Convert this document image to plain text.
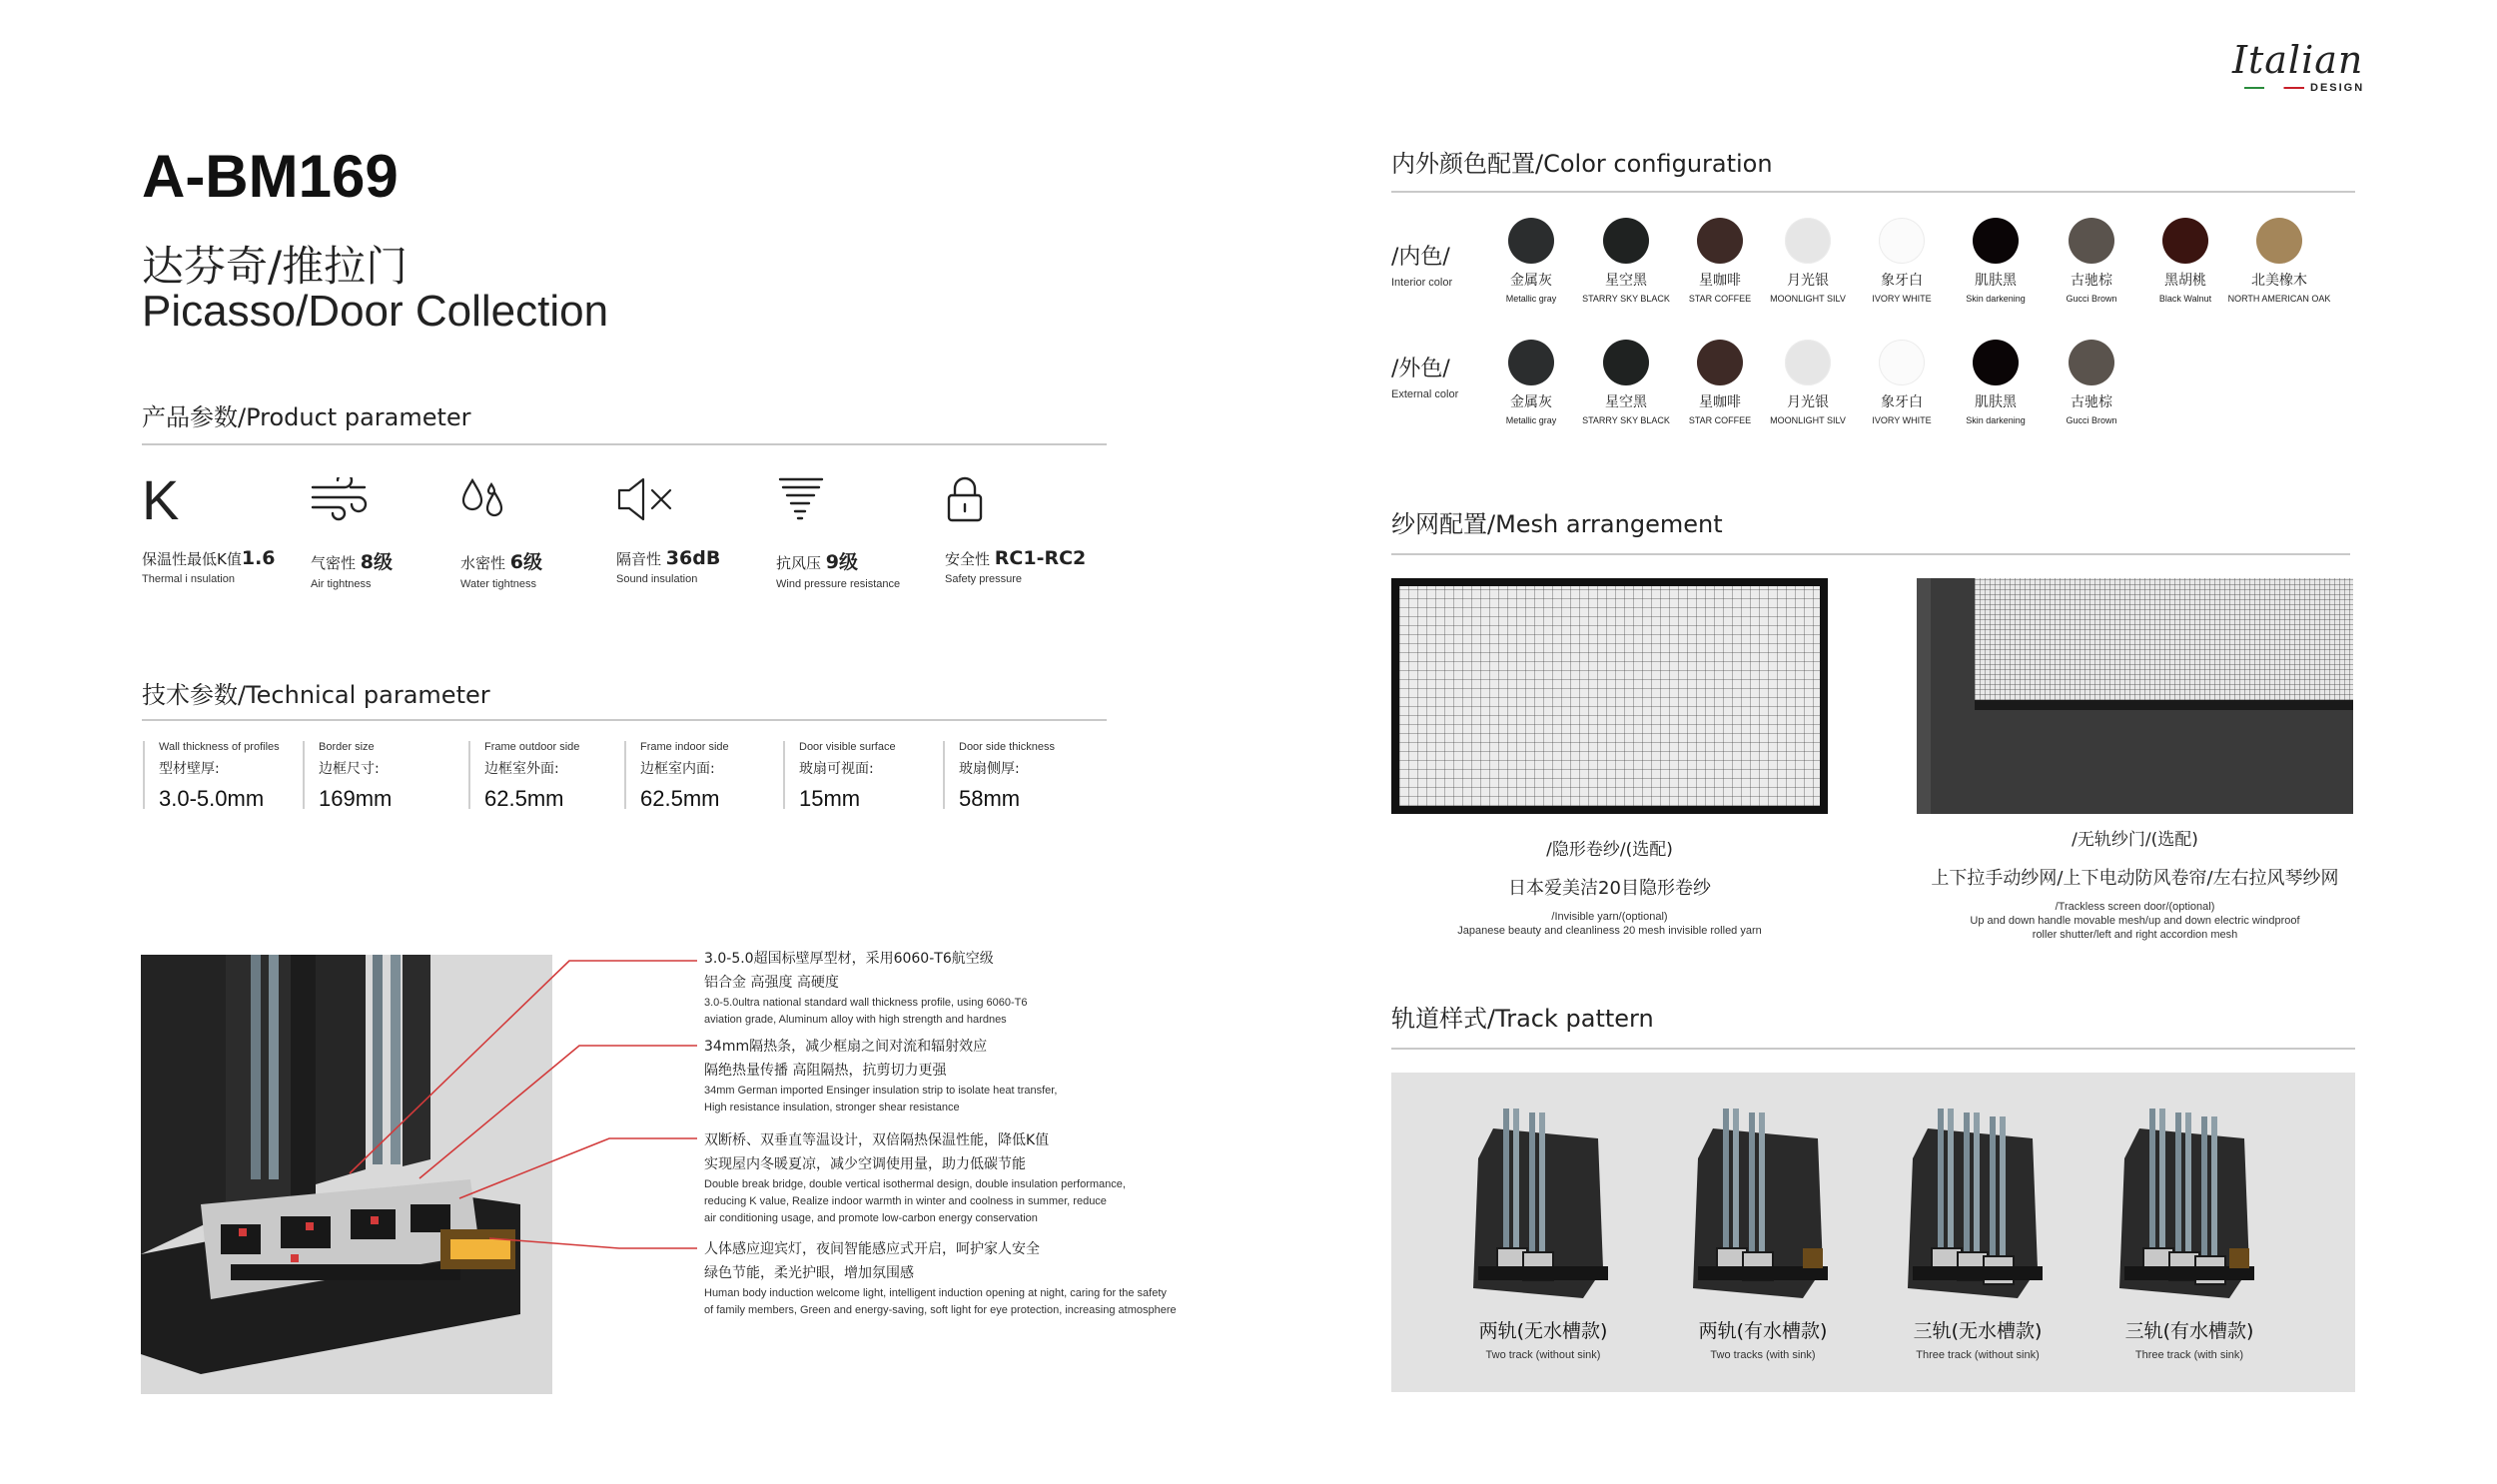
Italian
DESIGN
A-BM169
达芬奇/推拉门
Picasso/Door Collection
产品参数/Product parameter
K
保温性最低K值1.6
Thermal i nsulation
气密性 8级
Air tightness
水密性 6级
Water tightness
隔音性 36dB
Sound insulation
抗风压 9级
Wind pressure resistance
安全性 RC1-RC2
Safety pressure
技术参数/Technical parameter
Wall thickness of profiles
型材壁厚:
3.0-5.0mm
Border size
边框尺寸:
169mm
Frame outdoor side
边框室外面:
62.5mm
Frame indoor side
边框室内面:
62.5mm
Door visible surface
玻扇可视面:
15mm
Door side thickness
玻扇侧厚:
58mm
3.0-5.0超国标壁厚型材，采用6060-T6航空级
铝合金 高强度 高硬度
3.0-5.0ultra national standard wall thickness profile, using 6060-T6
aviation grade, Aluminum alloy with high strength and hardnes
34mm隔热条，减少框扇之间对流和辐射效应
隔绝热量传播 高阻隔热，抗剪切力更强
34mm German imported Ensinger insulation strip to isolate heat transfer,
High resistance insulation, stronger shear resistance
双断桥、双垂直等温设计，双倍隔热保温性能，降低K值
实现屋内冬暖夏凉，减少空调使用量，助力低碳节能
Double break bridge, double vertical isothermal design, double insulation performance,
reducing K value, Realize indoor warmth in winter and coolness in summer, reduce
air conditioning usage, and promote low-carbon energy conservation
人体感应迎宾灯，夜间智能感应式开启，呵护家人安全
绿色节能，柔光护眼，增加氛围感
Human body induction welcome light, intelligent induction opening at night, caring for the safety
of family members, Green and energy-saving, soft light for eye protection, increasing atmosphere
内外颜色配置/Color configuration
/内色/
Interior color
/外色/
External color
金属灰
Metallic gray
星空黑
STARRY SKY BLACK
星咖啡
STAR COFFEE
月光银
MOONLIGHT SILV
象牙白
IVORY WHITE
肌肤黑
Skin darkening
古驰棕
Gucci Brown
黑胡桃
Black Walnut
北美橡木
NORTH AMERICAN OAK
金属灰
Metallic gray
星空黑
STARRY SKY BLACK
星咖啡
STAR COFFEE
月光银
MOONLIGHT SILV
象牙白
IVORY WHITE
肌肤黑
Skin darkening
古驰棕
Gucci Brown
纱网配置/Mesh arrangement
/隐形卷纱/(选配)
日本爱美洁20目隐形卷纱
/Invisible yarn/(optional)
Japanese beauty and cleanliness 20 mesh invisible rolled yarn
/无轨纱门/(选配)
上下拉手动纱网/上下电动防风卷帘/左右拉风琴纱网
/Trackless screen door/(optional)
Up and down handle movable mesh/up and down electric windproof
roller shutter/left and right accordion mesh
轨道样式/Track pattern
两轨(无水槽款)
Two track (without sink)
两轨(有水槽款)
Two tracks (with sink)
三轨(无水槽款)
Three track (without sink)
三轨(有水槽款)
Three track (with sink)
